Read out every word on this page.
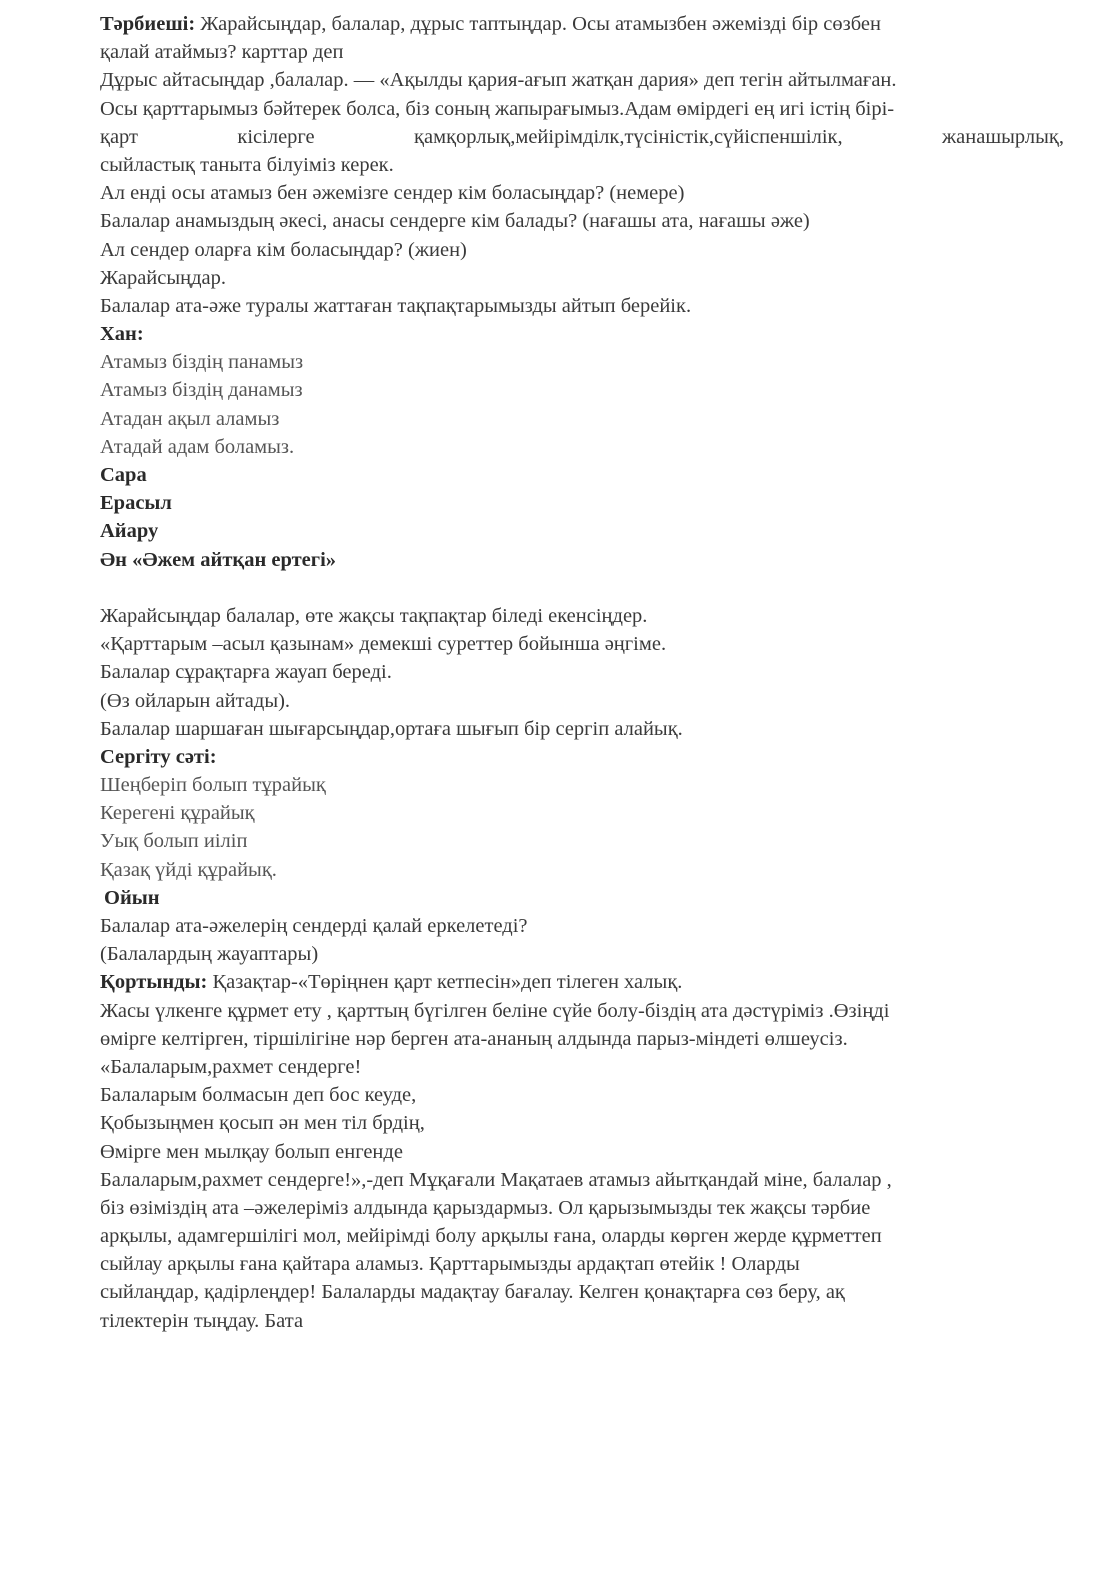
Тәрбиеші: Жарайсыңдар, балалар, дұрыс таптыңдар. Осы атамызбен әжемізді бір сөзбен
қалай атаймыз? карттар деп
Дұрыс айтасыңдар ,балалар. — «Ақылды қария-ағып жатқан дария» деп тегін айтылмаған.
Осы қарттарымыз бәйтерек болса, біз соның жапырағымыз.Адам өмірдегі ең игі істің бірі-
қарт	кісілерге	қамқорлық,мейірімділк,түсіністік,сүйіспеншілік,	жанашырлық,
сыйластық таныта білуіміз керек.
Ал енді осы атамыз бен әжемізге сендер кім боласыңдар? (немере)
Балалар анамыздың әкесі, анасы сендерге кім балады? (нағашы ата, нағашы әже)
Ал сендер оларға кім боласыңдар? (жиен)
Жарайсыңдар.
Балалар ата-әже туралы жаттаған тақпақтарымызды айтып берейік.
Хан:
Атамыз біздің панамыз
Атамыз біздің данамыз
Атадан ақыл аламыз
Атадай адам боламыз.
Сара
Ерасыл
Айару
Ән «Әжем айтқан ертегі»
Жарайсыңдар балалар, өте жақсы тақпақтар біледі екенсіңдер.
«Қарттарым –асыл қазынам» демекші суреттер бойынша әңгіме.
Балалар сұрақтарға жауап береді.
(Өз ойларын айтады).
Балалар шаршаған шығарсыңдар,ортаға шығып бір сергіп алайық.
Сергіту сәті:
Шеңберіп болып тұрайық
Керегені құрайық
Уық болып иіліп
Қазақ үйді құрайық.
Ойын
Балалар ата-әжелерің сендерді қалай еркелетеді?
(Балалардың жауаптары)
Қортынды: Қазақтар-«Төріңнен қарт кетпесін»деп тілеген халық.
Жасы үлкенге құрмет ету , қарттың бүгілген беліне сүйе болу-біздің ата дәстүріміз .Өзіңді
өмірге келтірген, тіршілігіне нәр берген ата-ананың алдында парыз-міндеті өлшеусіз.
«Балаларым,рахмет сендерге!
Балаларым болмасын деп бос кеуде,
Қобызыңмен қосып ән мен тіл брдің,
Өмірге мен мылқау болып енгенде
Балаларым,рахмет сендерге!»,-деп Мұқағали Мақатаев атамыз айытқандай міне, балалар ,
біз өзіміздің ата –әжелеріміз алдында қарыздармыз. Ол қарызымызды тек жақсы тәрбие
арқылы, адамгершілігі мол, мейірімді болу арқылы ғана, оларды көрген жерде құрметтеп
сыйлау арқылы ғана қайтара аламыз. Қарттарымызды ардақтап өтейік ! Оларды
сыйлаңдар, қадірлеңдер! Балаларды мадақтау бағалау. Келген қонақтарға сөз беру, ақ
тілектерін тыңдау. Бата
